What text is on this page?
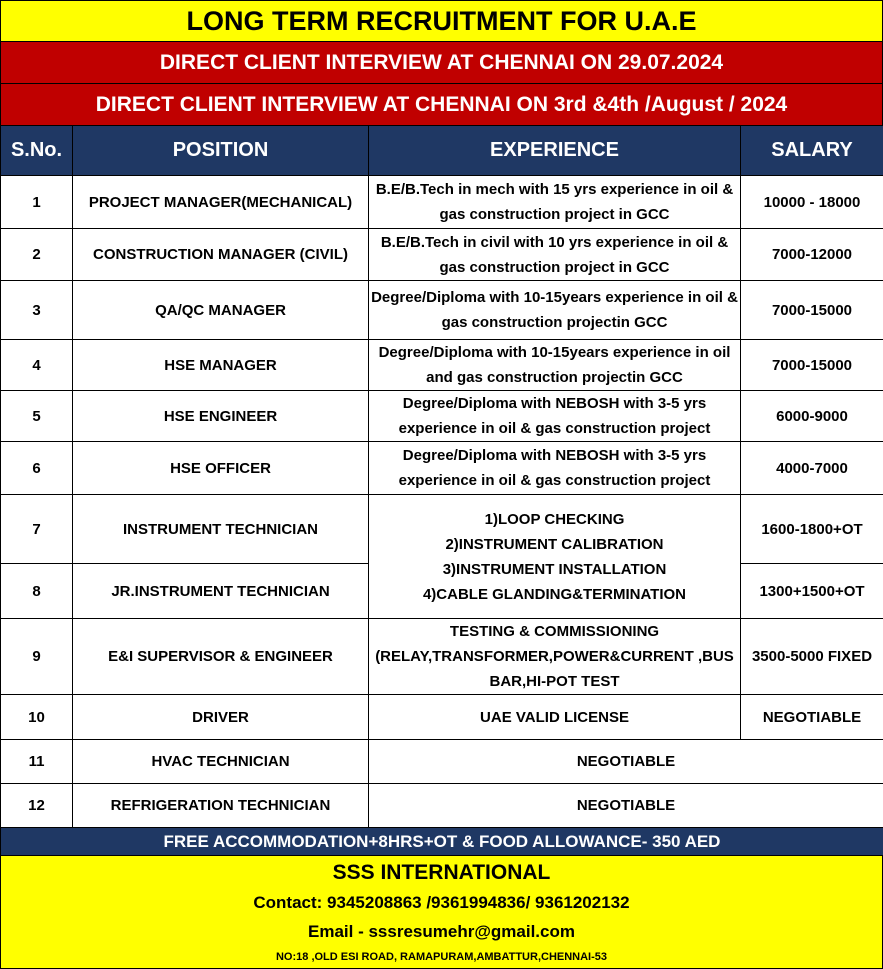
LONG TERM RECRUITMENT FOR U.A.E
DIRECT CLIENT INTERVIEW AT CHENNAI ON 29.07.2024
DIRECT CLIENT INTERVIEW AT CHENNAI ON 3rd &4th /August / 2024
S.No.	POSITION	EXPERIENCE	SALARY
1	PROJECT MANAGER(MECHANICAL)	B.E/B.Tech in mech with 15 yrs experience in oil & gas construction project in GCC	10000 - 18000
2	CONSTRUCTION MANAGER (CIVIL)	B.E/B.Tech in civil with 10 yrs experience in oil & gas construction project in GCC	7000-12000
3	QA/QC MANAGER	Degree/Diploma with 10-15years experience in oil & gas construction projectin GCC	7000-15000
4	HSE MANAGER	Degree/Diploma with 10-15years experience in oil and gas construction projectin GCC	7000-15000
5	HSE ENGINEER	Degree/Diploma with NEBOSH with 3-5 yrs experience in oil & gas construction project	6000-9000
6	HSE OFFICER	Degree/Diploma with NEBOSH with 3-5 yrs experience in oil & gas construction project	4000-7000
7	INSTRUMENT TECHNICIAN	1)LOOP CHECKING
2)INSTRUMENT CALIBRATION
3)INSTRUMENT INSTALLATION
4)CABLE GLANDING&TERMINATION	1600-1800+OT
8	JR.INSTRUMENT TECHNICIAN		1300+1500+OT
9	E&I SUPERVISOR & ENGINEER	TESTING & COMMISSIONING (RELAY,TRANSFORMER,POWER&CURRENT ,BUS BAR,HI-POT TEST	3500-5000 FIXED
10	DRIVER	UAE VALID LICENSE	NEGOTIABLE
11	HVAC TECHNICIAN	NEGOTIABLE	
12	REFRIGERATION TECHNICIAN	NEGOTIABLE	
FREE ACCOMMODATION+8HRS+OT & FOOD ALLOWANCE- 350 AED			
SSS INTERNATIONAL
Contact: 9345208863 /9361994836/ 9361202132
Email - sssresumehr@gmail.com
NO:18 ,OLD ESI ROAD, RAMAPURAM,AMBATTUR,CHENNAI-53
